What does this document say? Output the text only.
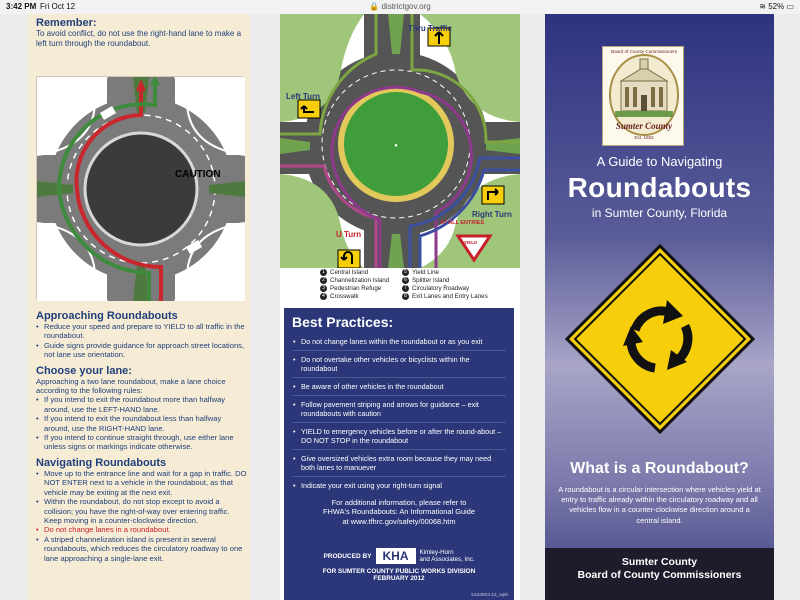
3:42 PM Fri Oct 12	🔒 districtgov.org	≋ 52% ▭
Remember:
To avoid conflict, do not use the right-hand lane to make a left turn through the roundabout.
CAUTION
Approaching Roundabouts
• Reduce your speed and prepare to YIELD to all traffic in the roundabout.
• Guide signs provide guidance for approach street locations, not lane use orientation.
Choose your lane:
Approaching a two lane roundabout, make a lane choice according to the following rules:
• If you intend to exit the roundabout more than halfway around, use the LEFT-HAND lane.
• If you intend to exit the roundabout less than halfway around, use the RIGHT-HAND lane.
• If you intend to continue straight through, use either lane unless signs or markings indicate otherwise.
Navigating Roundabouts
• Move up to the entrance line and wait for a gap in traffic. DO NOT ENTER next to a vehicle in the roundabout, as that vehicle may be exiting at the next exit.
• Within the roundabout, do not stop except to avoid a collision; you have the right-of-way over entering traffic. Keep moving in a counter-clockwise direction.
• Do not change lanes in a roundabout.
• A striped channelization island is present in several roundabouts, which reduces the circulatory roadway to one lane approaching a single-lane exit.
●
1 Central Island	5 Yield Line
2 Channelization Island	6 Splitter Island
3 Pedestrian Refuge	7 Circulatory Roadway
4 Crosswalk	8 Exit Lanes and Entry Lanes
Thru Traffic
Left Turn
Right Turn
U Turn
AT ALL ENTRIES
YIELD
Best Practices:
• Do not change lanes within the roundabout or as you exit
• Do not overtake other vehicles or bicyclists within the roundabout
• Be aware of other vehicles in the roundabout
• Follow pavement striping and arrows for guidance – exit roundabouts with caution
• YIELD to emergency vehicles before or after the round-about – DO NOT STOP in the roundabout
• Give oversized vehicles extra room because they may need both lanes to manuever
• Indicate your exit using your right-turn signal
For additional information, please refer to
FHWA's Roundabouts: An Informational Guide
at www.tfhrc.gov/safety/00068.htm
PRODUCED BY KHA	Kimley-Horn
and Associates, Inc.
FOR SUMTER COUNTY PUBLIC WORKS DIVISION
FEBRUARY 2012
5133003.12_wpb
Board of County Commissioners
Sumter County
Est. 1853
A Guide to Navigating
Roundabouts
in Sumter County, Florida
What is a Roundabout?
A roundabout is a circular intersection where vehicles yield at entry to traffic already within the circulatory roadway and all vehicles flow in a counter-clockwise direction around a central island.
Sumter County
Board of County Commissioners
